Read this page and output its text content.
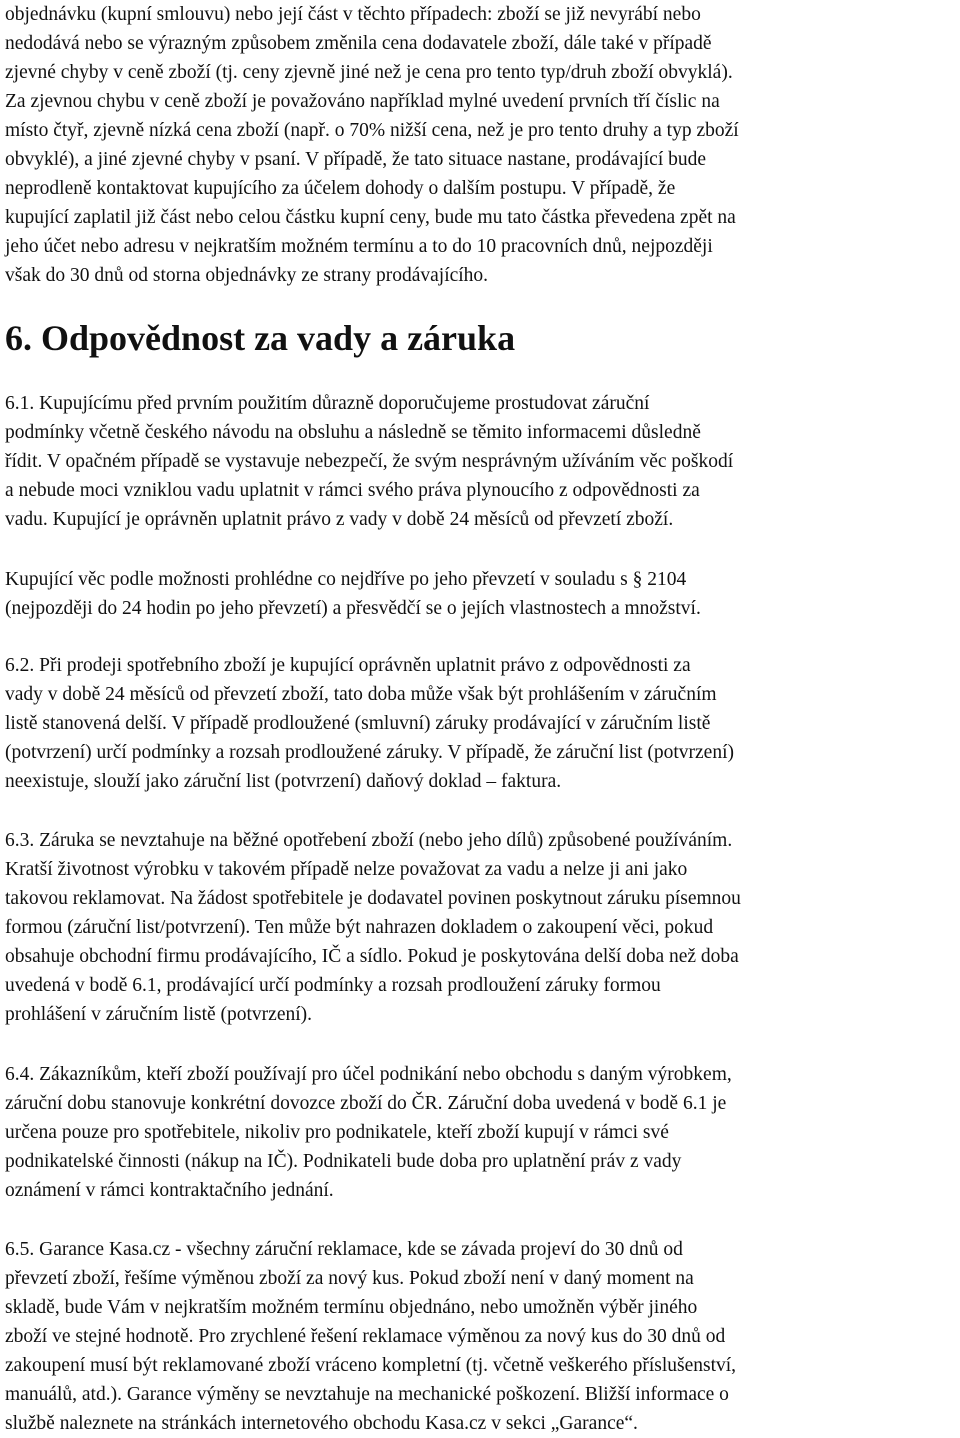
objednávku (kupní smlouvu) nebo její část v těchto případech: zboží se již nevyrábí nebo
nedodává nebo se výrazným způsobem změnila cena dodavatele zboží, dále také v případě
zjevné chyby v ceně zboží (tj. ceny zjevně jiné než je cena pro tento typ/druh zboží obvyklá).
Za zjevnou chybu v ceně zboží je považováno například mylné uvedení prvních tří číslic na
místo čtyř, zjevně nízká cena zboží (např. o 70% nižší cena, než je pro tento druhy a typ zboží
obvyklé), a jiné zjevné chyby v psaní. V případě, že tato situace nastane, prodávající bude
neprodleně kontaktovat kupujícího za účelem dohody o dalším postupu. V případě, že
kupující zaplatil již část nebo celou částku kupní ceny, bude mu tato částka převedena zpět na
jeho účet nebo adresu v nejkratším možném termínu a to do 10 pracovních dnů, nejpozději
však do 30 dnů od storna objednávky ze strany prodávajícího.
6. Odpovědnost za vady a záruka
6.1. Kupujícímu před prvním použitím důrazně doporučujeme prostudovat záruční
podmínky včetně českého návodu na obsluhu a následně se těmito informacemi důsledně
řídit. V opačném případě se vystavuje nebezpečí, že svým nesprávným užíváním věc poškodí
a nebude moci vzniklou vadu uplatnit v rámci svého práva plynoucího z odpovědnosti za
vadu. Kupující je oprávněn uplatnit právo z vady v době 24 měsíců od převzetí zboží.
Kupující věc podle možnosti prohlédne co nejdříve po jeho převzetí v souladu s § 2104
(nejpozději do 24 hodin po jeho převzetí) a přesvědčí se o jejích vlastnostech a množství.
6.2. Při prodeji spotřebního zboží je kupující oprávněn uplatnit právo z odpovědnosti za
vady v době 24 měsíců od převzetí zboží, tato doba může však být prohlášením v záručním
listě stanovená delší. V případě prodloužené (smluvní) záruky prodávající v záručním listě
(potvrzení) určí podmínky a rozsah prodloužené záruky. V případě, že záruční list (potvrzení)
neexistuje, slouží jako záruční list (potvrzení) daňový doklad – faktura.
6.3. Záruka se nevztahuje na běžné opotřebení zboží (nebo jeho dílů) způsobené používáním.
Kratší životnost výrobku v takovém případě nelze považovat za vadu a nelze ji ani jako
takovou reklamovat. Na žádost spotřebitele je dodavatel povinen poskytnout záruku písemnou
formou (záruční list/potvrzení). Ten může být nahrazen dokladem o zakoupení věci, pokud
obsahuje obchodní firmu prodávajícího, IČ a sídlo. Pokud je poskytována delší doba než doba
uvedená v bodě 6.1, prodávající určí podmínky a rozsah prodloužení záruky formou
prohlášení v záručním listě (potvrzení).
6.4. Zákazníkům, kteří zboží používají pro účel podnikání nebo obchodu s daným výrobkem,
záruční dobu stanovuje konkrétní dovozce zboží do ČR. Záruční doba uvedená v bodě 6.1 je
určena pouze pro spotřebitele, nikoliv pro podnikatele, kteří zboží kupují v rámci své
podnikatelské činnosti (nákup na IČ). Podnikateli bude doba pro uplatnění práv z vady
oznámení v rámci kontraktačního jednání.
6.5. Garance Kasa.cz - všechny záruční reklamace, kde se závada projeví do 30 dnů od
převzetí zboží, řešíme výměnou zboží za nový kus. Pokud zboží není v daný moment na
skladě, bude Vám v nejkratším možném termínu objednáno, nebo umožněn výběr jiného
zboží ve stejné hodnotě. Pro zrychlené řešení reklamace výměnou za nový kus do 30 dnů od
zakoupení musí být reklamované zboží vráceno kompletní (tj. včetně veškerého příslušenství,
manuálů, atd.). Garance výměny se nevztahuje na mechanické poškození. Bližší informace o
službě naleznete na stránkách internetového obchodu Kasa.cz v sekci „Garance“.
